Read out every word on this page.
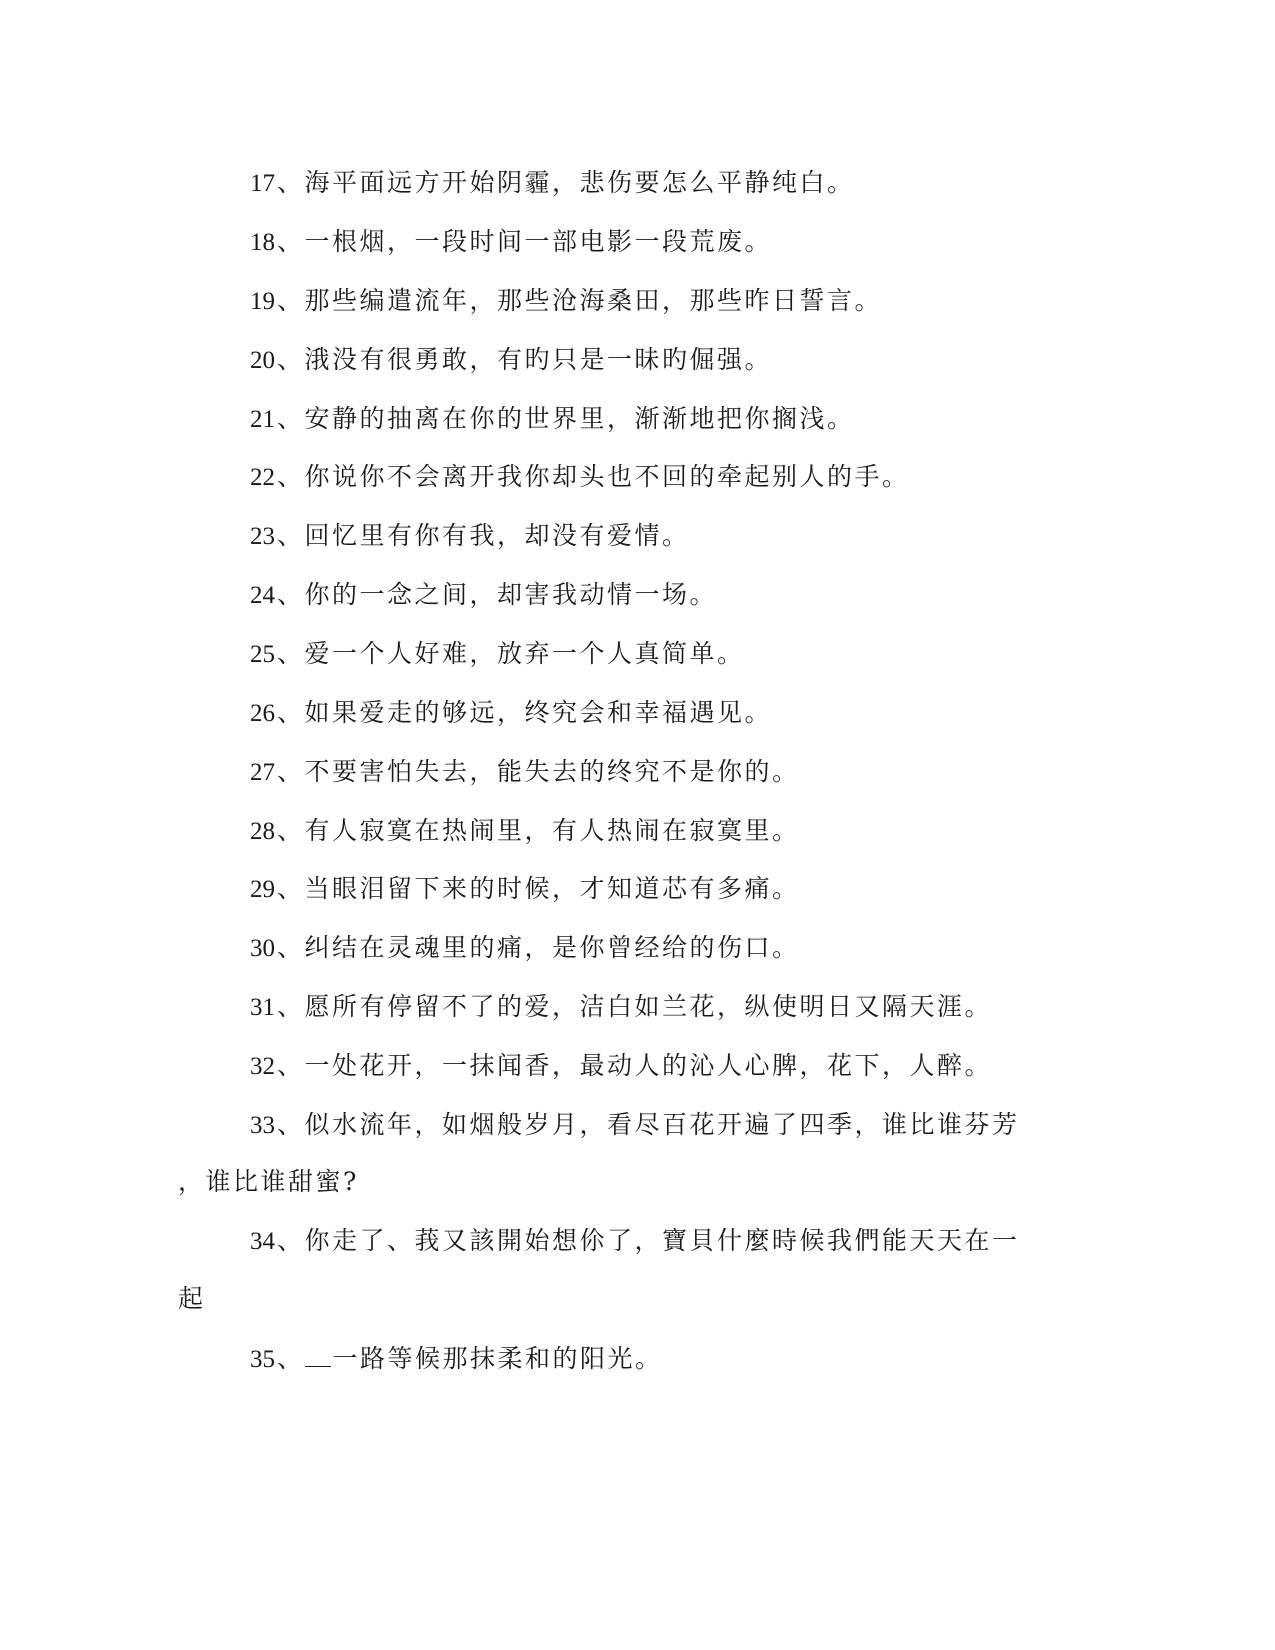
17、海平面远方开始阴霾，悲伤要怎么平静纯白。
18、一根烟，一段时间一部电影一段荒废。
19、那些编遣流年，那些沧海桑田，那些昨日誓言。
20、涐没有很勇敢，有旳只是一昧旳倔强。
21、安静的抽离在你的世界里，渐渐地把你搁浅。
22、你说你不会离开我你却头也不回的牵起别人的手。
23、回忆里有你有我，却没有爱情。
24、你的一念之间，却害我动情一场。
25、爱一个人好难，放弃一个人真简单。
26、如果爱走的够远，终究会和幸福遇见。
27、不要害怕失去，能失去的终究不是你的。
28、有人寂寞在热闹里，有人热闹在寂寞里。
29、当眼泪留下来的时候，才知道芯有多痛。
30、纠结在灵魂里的痛，是你曾经给的伤口。
31、愿所有停留不了的爱，洁白如兰花，纵使明日又隔天涯。
32、一处花开，一抹闻香，最动人的沁人心脾，花下，人醉。
33、似水流年，如烟般岁月，看尽百花开遍了四季，谁比谁芬芳
，谁比谁甜蜜?
34、你走了、莪又該開始想伱了，寶貝什麼時候我們能天天在一
起
35、 一路等候那抹柔和的阳光。
